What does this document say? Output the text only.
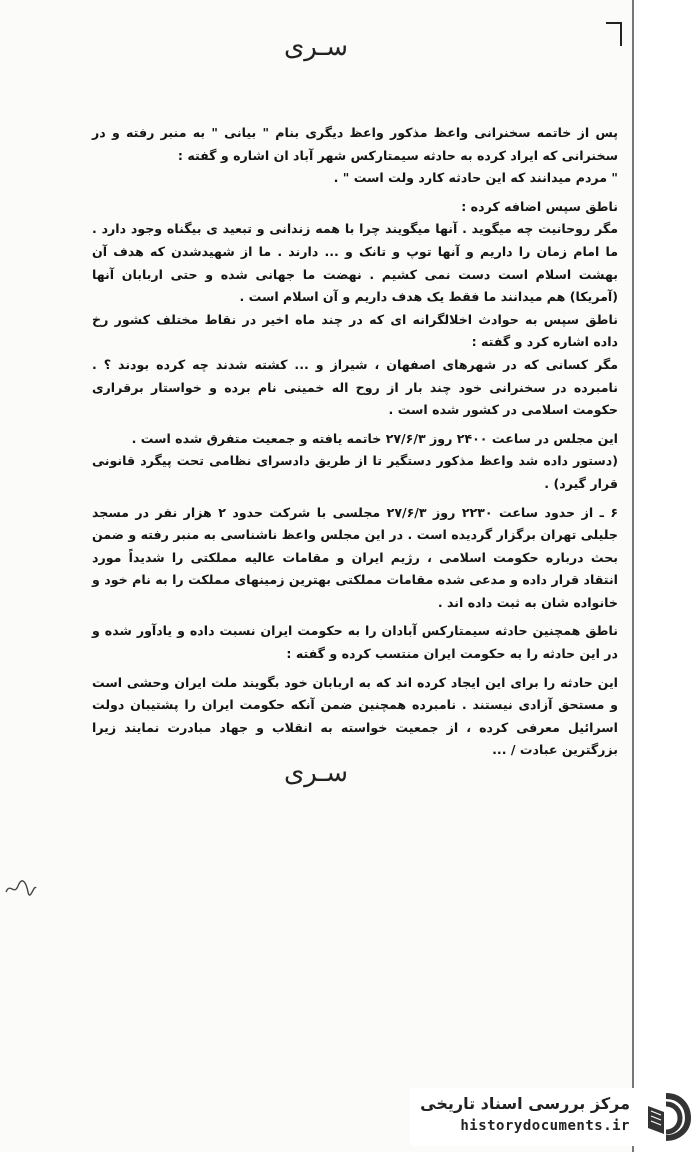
سـری

پس از خاتمه سخنرانی واعظ مذکور واعظ دیگری بنام " بیانی " به منبر رفته و در سخنرانی که ایراد کرده به حادثه سیمتارکس شهر آباد ان اشاره و گفته :

" مردم میدانند که این حادثه کارد ولت است " .

ناطق سپس اضافه کرده :

مگر روحانیت چه میگوید . آنها میگویند چرا با همه زندانی و تبعید ی بیگناه وجود دارد . ما امام زمان را داریم و آنها توپ و تانک و ... دارند . ما از شهیدشدن که هدف آن بهشت اسلام است دست نمی کشیم . نهضت ما جهانی شده و حتی اربابان آنها (آمریکا) هم میدانند ما فقط یک هدف داریم و آن اسلام است .

ناطق سپس به حوادث اخلالگرانه ای که در چند ماه اخیر در نقاط مختلف کشور رخ داده اشاره کرد و گفته :

مگر کسانی که در شهرهای اصفهان ، شیراز و ... کشته شدند چه کرده بودند ؟ . نامبرده در سخنرانی خود چند بار از روح اله خمینی نام برده و خواستار برقراری حکومت اسلامی در کشور شده است .

این مجلس در ساعت ۲۴۰۰ روز ۲۷/۶/۳ خاتمه یافته و جمعیت متفرق شده است .

(دستور داده شد واعظ مذکور دستگیر تا از طریق دادسرای نظامی تحت پیگرد قانونی قرار گیرد) .

۶ ـ از حدود ساعت ۲۲۳۰ روز ۲۷/۶/۳ مجلسی با شرکت حدود ۲ هزار نفر در مسجد جلیلی تهران برگزار گردیده است . در این مجلس واعظ ناشناسی به منبر رفته و ضمن بحث درباره حکومت اسلامی ، رژیم ایران و مقامات عالیه مملکتی را شدیداً مورد انتقاد قرار داده و مدعی شده مقامات مملکتی بهترین زمینهای مملکت را به نام خود و خانواده شان به ثبت داده اند .

ناطق همچنین حادثه سیمتارکس آبادان را به حکومت ایران نسبت داده و یادآور شده و در این حادثه را به حکومت ایران منتسب کرده و گفته :

این حادثه را برای این ایجاد کرده اند که به اربابان خود بگویند ملت ایران وحشی است و مستحق آزادی نیستند . نامبرده همچنین ضمن آنکه حکومت ایران را پشتیبان دولت اسرائیل معرفی کرده ، از جمعیت خواسته به انقلاب و جهاد مبادرت نمایند زیرا بزرگترین عبادت / ...

سـری
مرکز بررسی اسناد تاریخی
historydocuments.ir
